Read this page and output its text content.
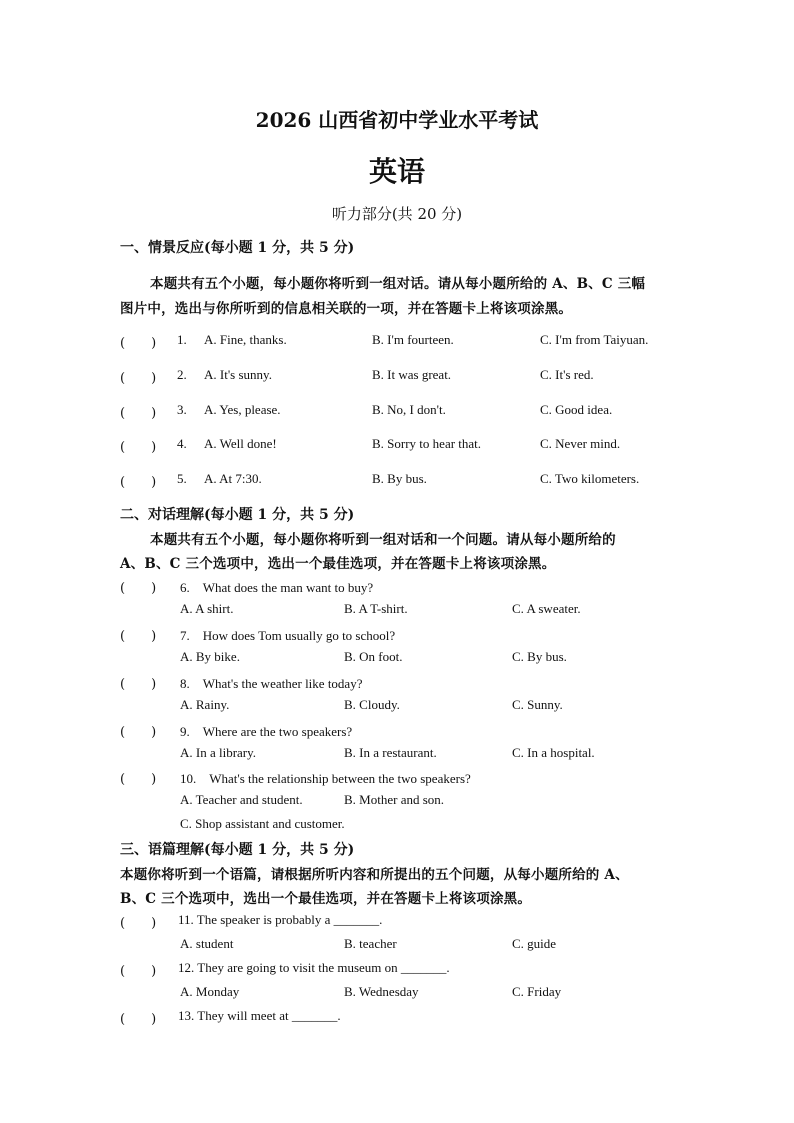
2026 山西省初中学业水平考试
英语
听力部分(共 20 分)
一、情景反应(每小题 1 分，共 5 分)
本题共有五个小题，每小题你将听到一组对话。请从每小题所给的 A、B、C 三幅
图片中，选出与你所听到的信息相关联的一项，并在答题卡上将该项涂黑。
(　　) 1. A. Fine, thanks.	B. I'm fourteen.	C. I'm from Taiyuan.
(　　) 2. A. It's sunny.	B. It was great.	C. It's red.
(　　) 3. A. Yes, please.	B. No, I don't.	C. Good idea.
(　　) 4. A. Well done!	B. Sorry to hear that.	C. Never mind.
(　　) 5. A. At 7:30.	B. By bus.	C. Two kilometers.
二、对话理解(每小题 1 分，共 5 分)
本题共有五个小题，每小题你将听到一组对话和一个问题。请从每小题所给的
A、B、C 三个选项中，选出一个最佳选项，并在答题卡上将该项涂黑。
(　　) 6.　What does the man want to buy?
A. A shirt.	B. A T-shirt.	C. A sweater.
(　　) 7.　How does Tom usually go to school?
A. By bike.	B. On foot.	C. By bus.
(　　) 8.　What's the weather like today?
A. Rainy.	B. Cloudy.	C. Sunny.
(　　) 9.　Where are the two speakers?
A. In a library.	B. In a restaurant.	C. In a hospital.
(　　) 10.　What's the relationship between the two speakers?
A. Teacher and student.	B. Mother and son.
C. Shop assistant and customer.
三、语篇理解(每小题 1 分，共 5 分)
本题你将听到一个语篇，请根据所听内容和所提出的五个问题，从每小题所给的 A、
B、C 三个选项中，选出一个最佳选项，并在答题卡上将该项涂黑。
(　　) 11. The speaker is probably a _______.
A. student	B. teacher	C. guide
(　　) 12. They are going to visit the museum on _______.
A. Monday	B. Wednesday	C. Friday
(　　) 13. They will meet at _______.
